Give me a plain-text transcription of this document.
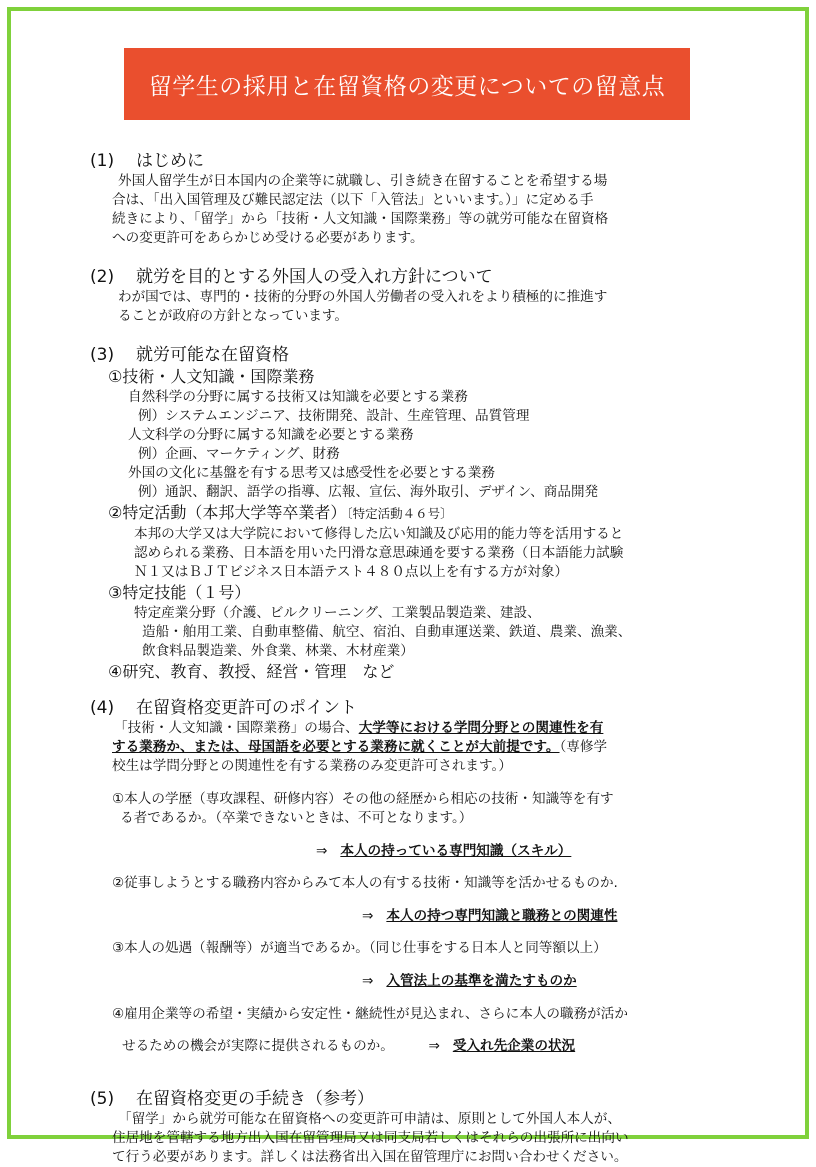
留学生の採用と在留資格の変更についての留意点

(1) はじめに

外国人留学生が日本国内の企業等に就職し、引き続き在留することを希望する場

合は、「出入国管理及び難民認定法（以下「入管法」といいます。）」に定める手

続きにより、「留学」から「技術・人文知識・国際業務」等の就労可能な在留資格

への変更許可をあらかじめ受ける必要があります。

(2) 就労を目的とする外国人の受入れ方針について

わが国では、専門的・技術的分野の外国人労働者の受入れをより積極的に推進す

ることが政府の方針となっています。

(3) 就労可能な在留資格

①技術・人文知識・国際業務

自然科学の分野に属する技術又は知識を必要とする業務

例）システムエンジニア、技術開発、設計、生産管理、品質管理

人文科学の分野に属する知識を必要とする業務

例）企画、マーケティング、財務

外国の文化に基盤を有する思考又は感受性を必要とする業務

例）通訳、翻訳、語学の指導、広報、宣伝、海外取引、デザイン、商品開発

②特定活動（本邦大学等卒業者）〔特定活動４６号〕

本邦の大学又は大学院において修得した広い知識及び応用的能力等を活用すると

認められる業務、日本語を用いた円滑な意思疎通を要する業務（日本語能力試験

Ｎ１又はＢＪＴビジネス日本語テスト４８０点以上を有する方が対象）

③特定技能（１号）

特定産業分野（介護、ビルクリーニング、工業製品製造業、建設、

造船・舶用工業、自動車整備、航空、宿泊、自動車運送業、鉄道、農業、漁業、

飲食料品製造業、外食業、林業、木材産業）

④研究、教育、教授、経営・管理　など

(4) 在留資格変更許可のポイント

「技術・人文知識・国際業務」の場合、大学等における学問分野との関連性を有

する業務か、または、母国語を必要とする業務に就くことが大前提です。（専修学

校生は学問分野との関連性を有する業務のみ変更許可されます。）

①本人の学歴（専攻課程、研修内容）その他の経歴から相応の技術・知識等を有す

る者であるか。（卒業できないときは、不可となります。）

⇒ 本人の持っている専門知識（スキル）

②従事しようとする職務内容からみて本人の有する技術・知識等を活かせるものか.

⇒ 本人の持つ専門知識と職務との関連性

③本人の処遇（報酬等）が適当であるか。（同じ仕事をする日本人と同等額以上）

⇒ 入管法上の基準を満たすものか

④雇用企業等の希望・実績から安定性・継続性が見込まれ、さらに本人の職務が活か

せるための機会が実際に提供されるものか。	⇒ 受入れ先企業の状況

(5) 在留資格変更の手続き（参考）

「留学」から就労可能な在留資格への変更許可申請は、原則として外国人本人が、

住居地を管轄する地方出入国在留管理局又は同支局若しくはそれらの出張所に出向い

て行う必要があります。詳しくは法務省出入国在留管理庁にお問い合わせください。
